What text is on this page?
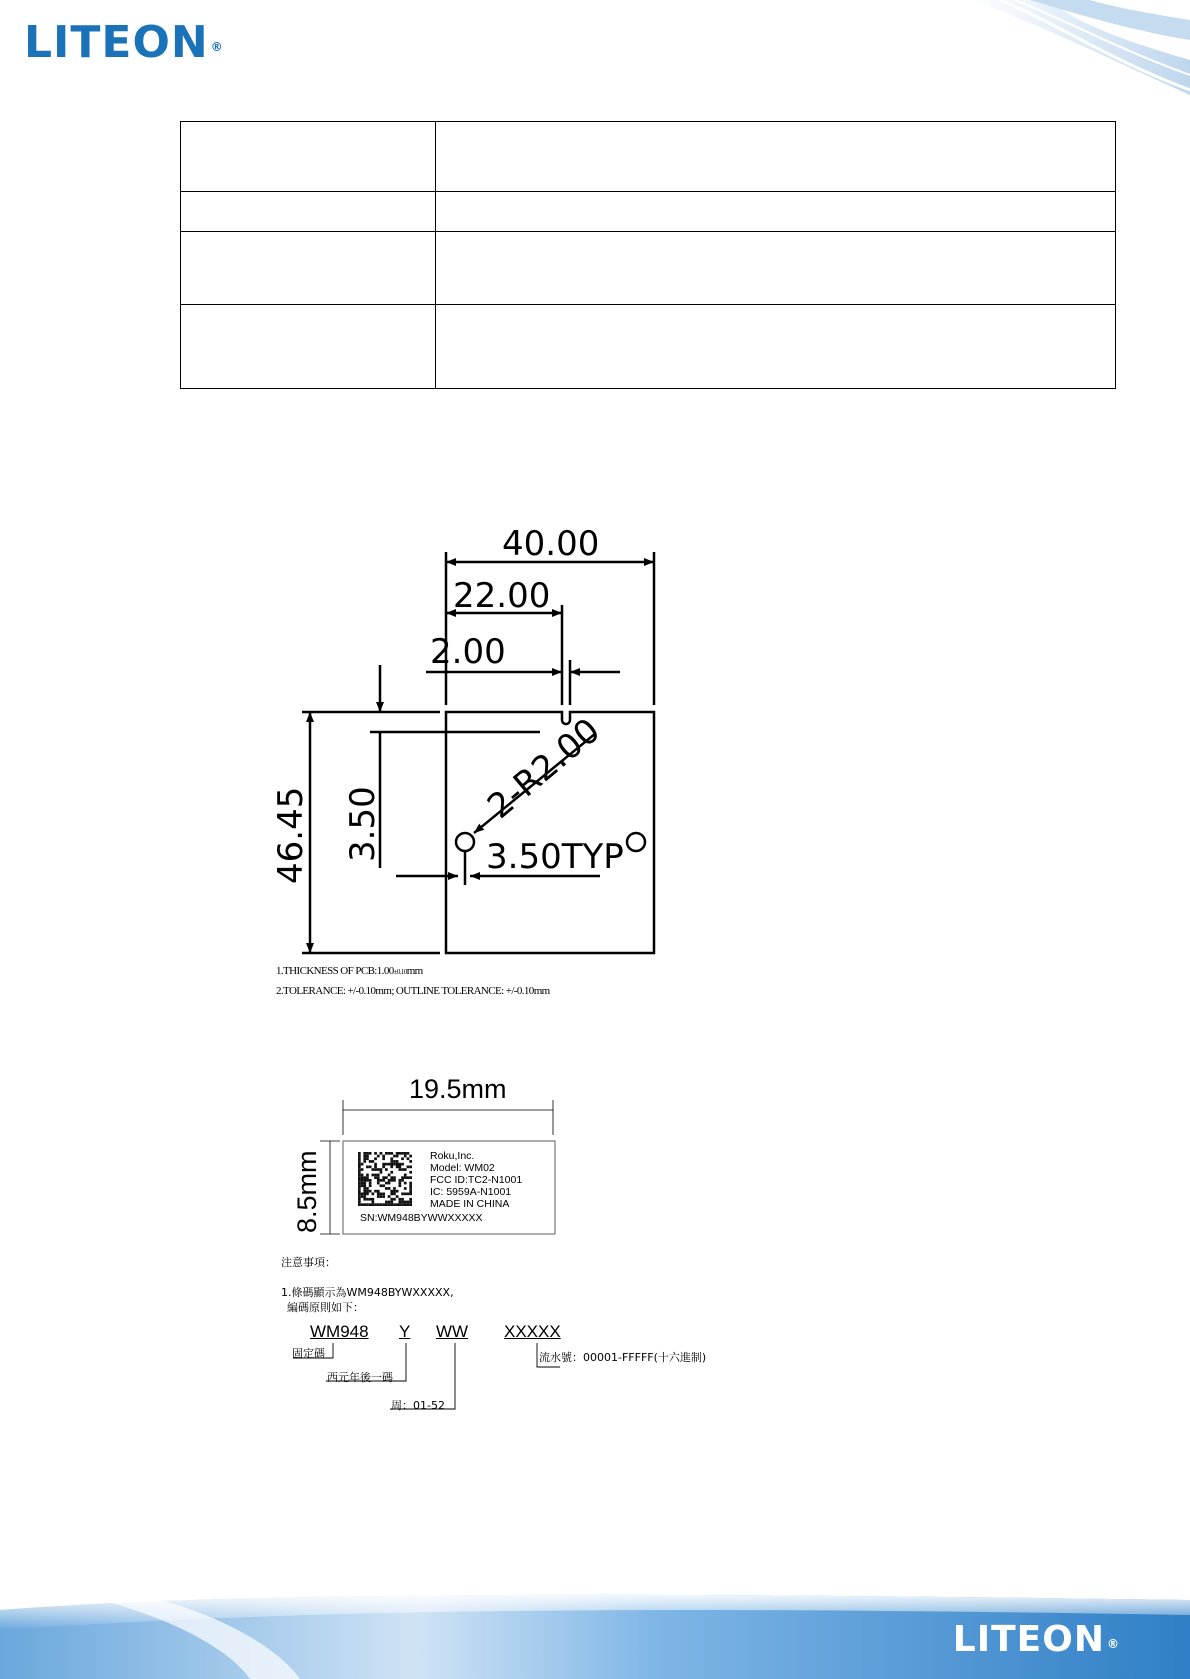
LITEON ®

40.00
22.00
2.00
46.45 3.50	2-R2.00
3.50TYP
1.THICKNESS OF PCB:1.00±0.10mm
2.TOLERANCE: +/-0.10mm; OUTLINE TOLERANCE: +/-0.10mm
19.5mm
8.5mm	Roku,Inc.
Model: WM02
FCC ID:TC2-N1001
IC: 5959A-N1001
MADE IN CHINA
SN:WM948BYWWXXXXX
注意事項：
1.條碼顯示為WM948BYWXXXXX,
編碼原則如下：
WM948 Y WW XXXXX
固定碼
西元年後一碼
周：01-52
流水號：00001-FFFFF(十六進制)
LITEON ®
